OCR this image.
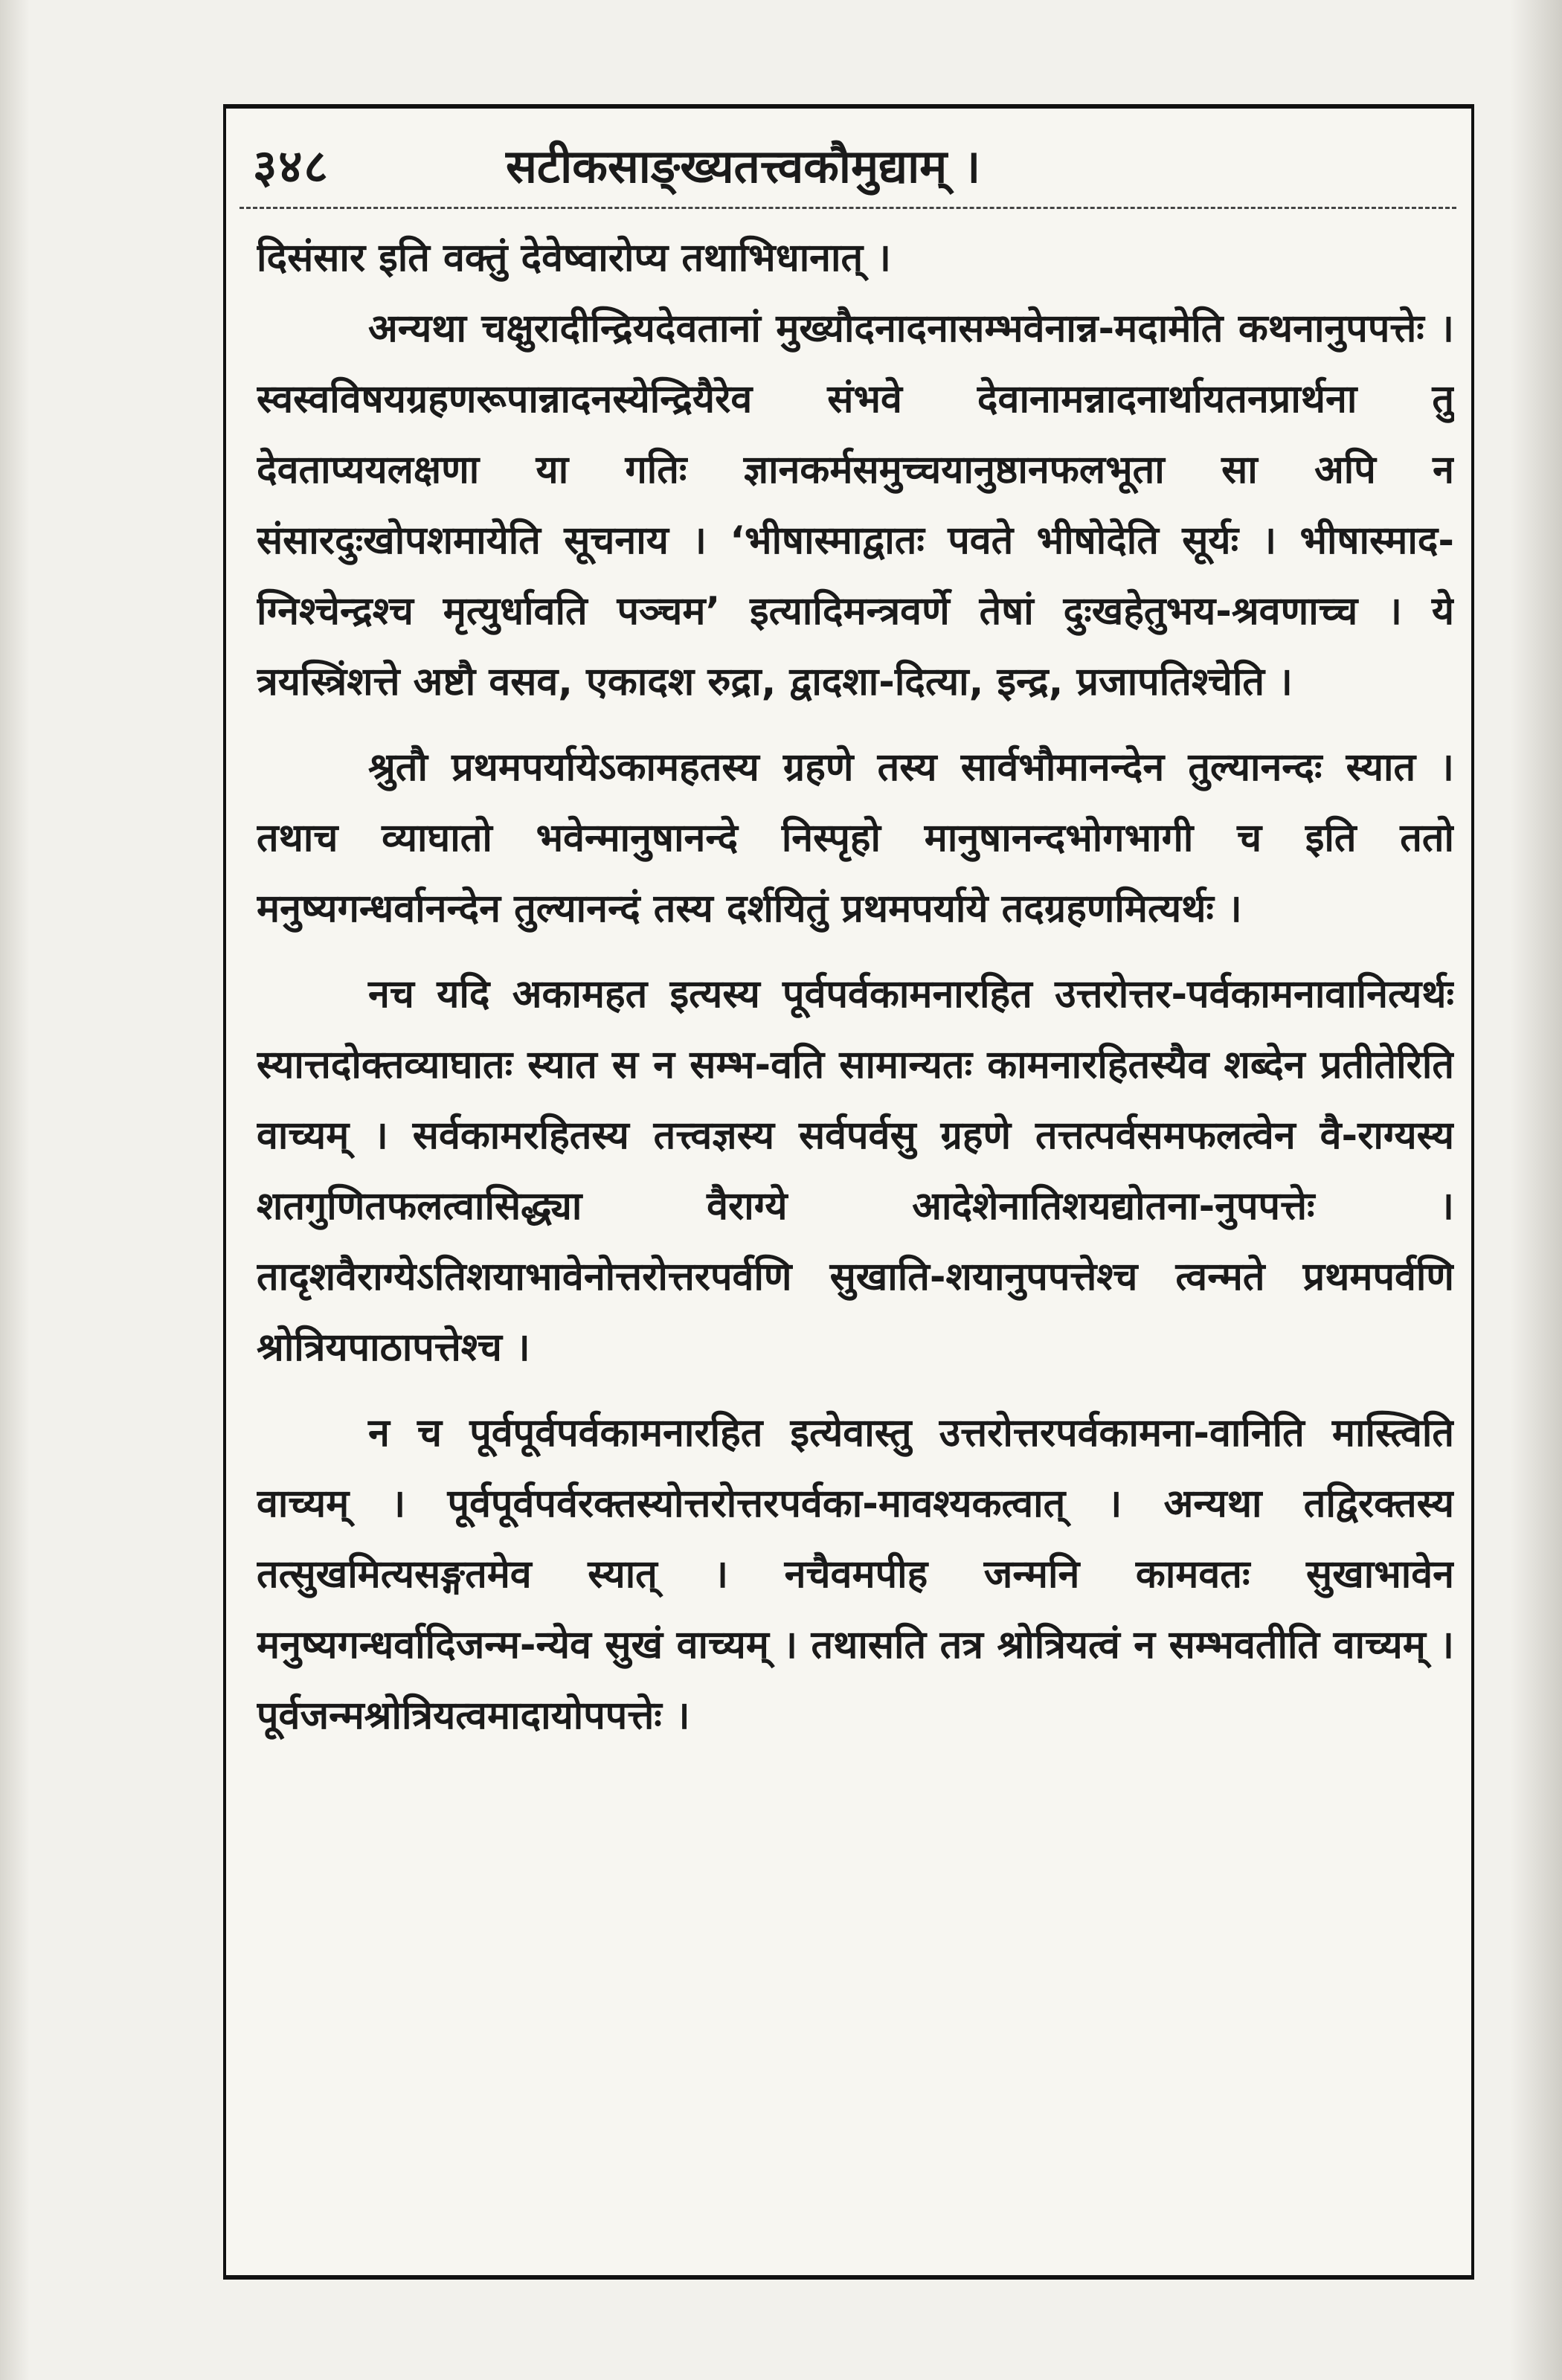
३४८	सटीकसाङ्ख्यतत्त्वकौमुद्याम् ।

दिसंसार इति वक्तुं देवेष्वारोप्य तथाभिधानात् ।

अन्यथा चक्षुरादीन्द्रियदेवतानां मुख्यौदनादनासम्भवेनान्न-मदामेति कथनानुपपत्तेः । स्वस्वविषयग्रहणरूपान्नादनस्येन्द्रियैरेव संभवे देवानामन्नादनार्थायतनप्रार्थना तु देवताप्ययलक्षणा या गतिः ज्ञानकर्मसमुच्चयानुष्ठानफलभूता सा अपि न संसारदुःखोपशमायेति सूचनाय । ‘भीषास्माद्वातः पवते भीषोदेति सूर्यः । भीषास्माद-ग्निश्चेन्द्रश्च मृत्युर्धावति पञ्चम’ इत्यादिमन्त्रवर्णे तेषां दुःखहेतुभय-श्रवणाच्च । ये त्रयस्त्रिंशत्ते अष्टौ वसव, एकादश रुद्रा, द्वादशा-दित्या, इन्द्र, प्रजापतिश्चेति ।

श्रुतौ प्रथमपर्यायेऽकामहतस्य ग्रहणे तस्य सार्वभौमानन्देन तुल्यानन्दः स्यात । तथाच व्याघातो भवेन्मानुषानन्दे निस्पृहो मानुषानन्दभोगभागी च इति ततो मनुष्यगन्धर्वानन्देन तुल्यानन्दं तस्य दर्शयितुं प्रथमपर्याये तदग्रहणमित्यर्थः ।

नच यदि अकामहत इत्यस्य पूर्वपर्वकामनारहित उत्तरोत्तर-पर्वकामनावानित्यर्थः स्यात्तदोक्तव्याघातः स्यात स न सम्भ-वति सामान्यतः कामनारहितस्यैव शब्देन प्रतीतेरिति वाच्यम् । सर्वकामरहितस्य तत्त्वज्ञस्य सर्वपर्वसु ग्रहणे तत्तत्पर्वसमफलत्वेन वै-राग्यस्य शतगुणितफलत्वासिद्ध्या वैराग्ये आदेशेनातिशयद्योतना-नुपपत्तेः । तादृशवैराग्येऽतिशयाभावेनोत्तरोत्तरपर्वणि सुखाति-शयानुपपत्तेश्च त्वन्मते प्रथमपर्वणि श्रोत्रियपाठापत्तेश्च ।

न च पूर्वपूर्वपर्वकामनारहित इत्येवास्तु उत्तरोत्तरपर्वकामना-वानिति मास्त्विति वाच्यम् । पूर्वपूर्वपर्वरक्तस्योत्तरोत्तरपर्वका-मावश्यकत्वात् । अन्यथा तद्विरक्तस्य तत्सुखमित्यसङ्गतमेव स्यात् । नचैवमपीह जन्मनि कामवतः सुखाभावेन मनुष्यगन्धर्वादिजन्म-न्येव सुखं वाच्यम् । तथासति तत्र श्रोत्रियत्वं न सम्भवतीति वाच्यम् । पूर्वजन्मश्रोत्रियत्वमादायोपपत्तेः ।
